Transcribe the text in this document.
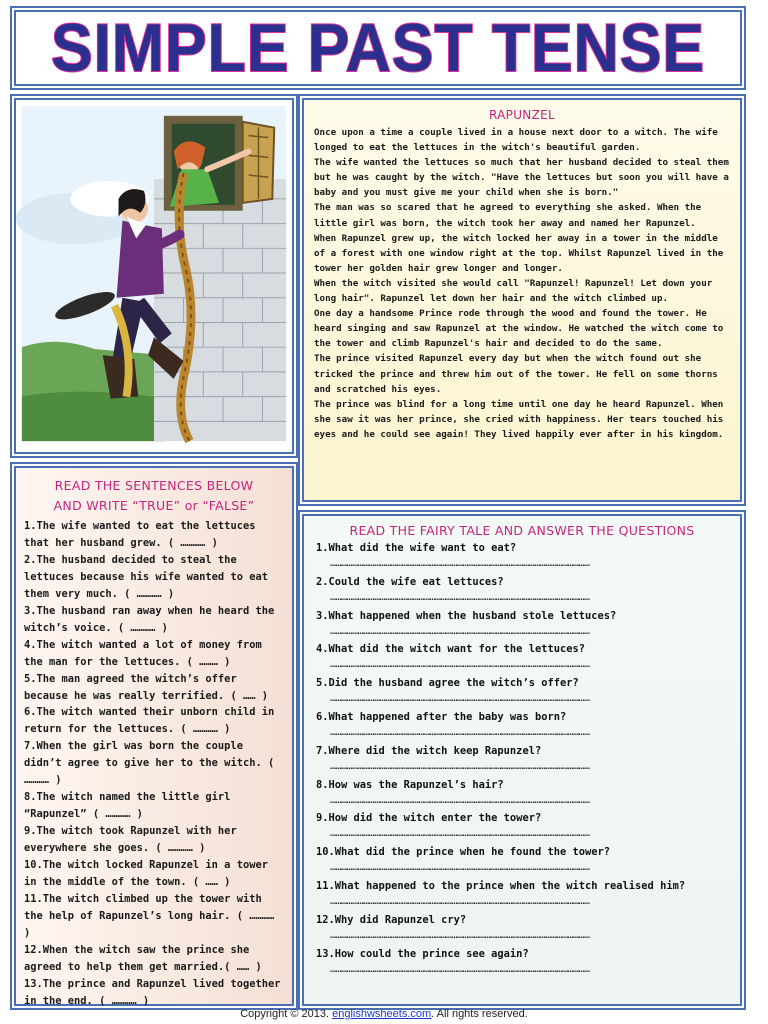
SIMPLE PAST TENSE
RAPUNZEL

Once upon a time a couple lived in a house next door to a witch. The wife longed to eat the lettuces in the witch's beautiful garden.

The wife wanted the lettuces so much that her husband decided to steal them but he was caught by the witch. "Have the lettuces but soon you will have a baby and you must give me your child when she is born."

The man was so scared that he agreed to everything she asked. When the little girl was born, the witch took her away and named her Rapunzel.

When Rapunzel grew up, the witch locked her away in a tower in the middle of a forest with one window right at the top. Whilst Rapunzel lived in the tower her golden hair grew longer and longer.

When the witch visited she would call "Rapunzel! Rapunzel! Let down your long hair". Rapunzel let down her hair and the witch climbed up.

One day a handsome Prince rode through the wood and found the tower. He heard singing and saw Rapunzel at the window. He watched the witch come to the tower and climb Rapunzel's hair and decided to do the same.

The prince visited Rapunzel every day but when the witch found out she tricked the prince and threw him out of the tower. He fell on some thorns and scratched his eyes.

The prince was blind for a long time until one day he heard Rapunzel. When she saw it was her prince, she cried with happiness. Her tears touched his eyes and he could see again! They lived happily ever after in his kingdom.

READ THE SENTENCES BELOW
AND WRITE “TRUE” or “FALSE”
1.The wife wanted to eat the lettuces that her husband grew. ( ………… )
2.The husband decided to steal the lettuces because his wife wanted to eat them very much. ( ………… )
3.The husband ran away when he heard the witch’s voice. ( ………… )
4.The witch wanted a lot of money from the man for the lettuces. ( ……… )
5.The man agreed the witch’s offer because he was really terrified. ( …… )
6.The witch wanted their unborn child in return for the lettuces. ( ………… )
7.When the girl was born the couple didn’t agree to give her to the witch. ( ………… )
8.The witch named the little girl “Rapunzel” ( ………… )
9.The witch took Rapunzel with her everywhere she goes. ( ………… )
10.The witch locked Rapunzel in a tower in the middle of the town. ( …… )
11.The witch climbed up the tower with the help of Rapunzel’s long hair. ( ………… )
12.When the witch saw the prince she agreed to help them get married.( …… )
13.The prince and Rapunzel lived together in the end. ( ………… )
READ THE FAIRY TALE AND ANSWER THE QUESTIONS
1.What did the wife want to eat?
……………………………………………………………………………………………………………………………
2.Could the wife eat lettuces?
……………………………………………………………………………………………………………………………
3.What happened when the husband stole lettuces?
……………………………………………………………………………………………………………………………
4.What did the witch want for the lettuces?
……………………………………………………………………………………………………………………………
5.Did the husband agree the witch’s offer?
……………………………………………………………………………………………………………………………
6.What happened after the baby was born?
……………………………………………………………………………………………………………………………
7.Where did the witch keep Rapunzel?
……………………………………………………………………………………………………………………………
8.How was the Rapunzel’s hair?
……………………………………………………………………………………………………………………………
9.How did the witch enter the tower?
……………………………………………………………………………………………………………………………
10.What did the prince when he found the tower?
……………………………………………………………………………………………………………………………
11.What happened to the prince when the witch realised him?
……………………………………………………………………………………………………………………………
12.Why did Rapunzel cry?
……………………………………………………………………………………………………………………………
13.How could the prince see again?
……………………………………………………………………………………………………………………………
Copyright © 2013. englishwsheets.com. All rights reserved.
